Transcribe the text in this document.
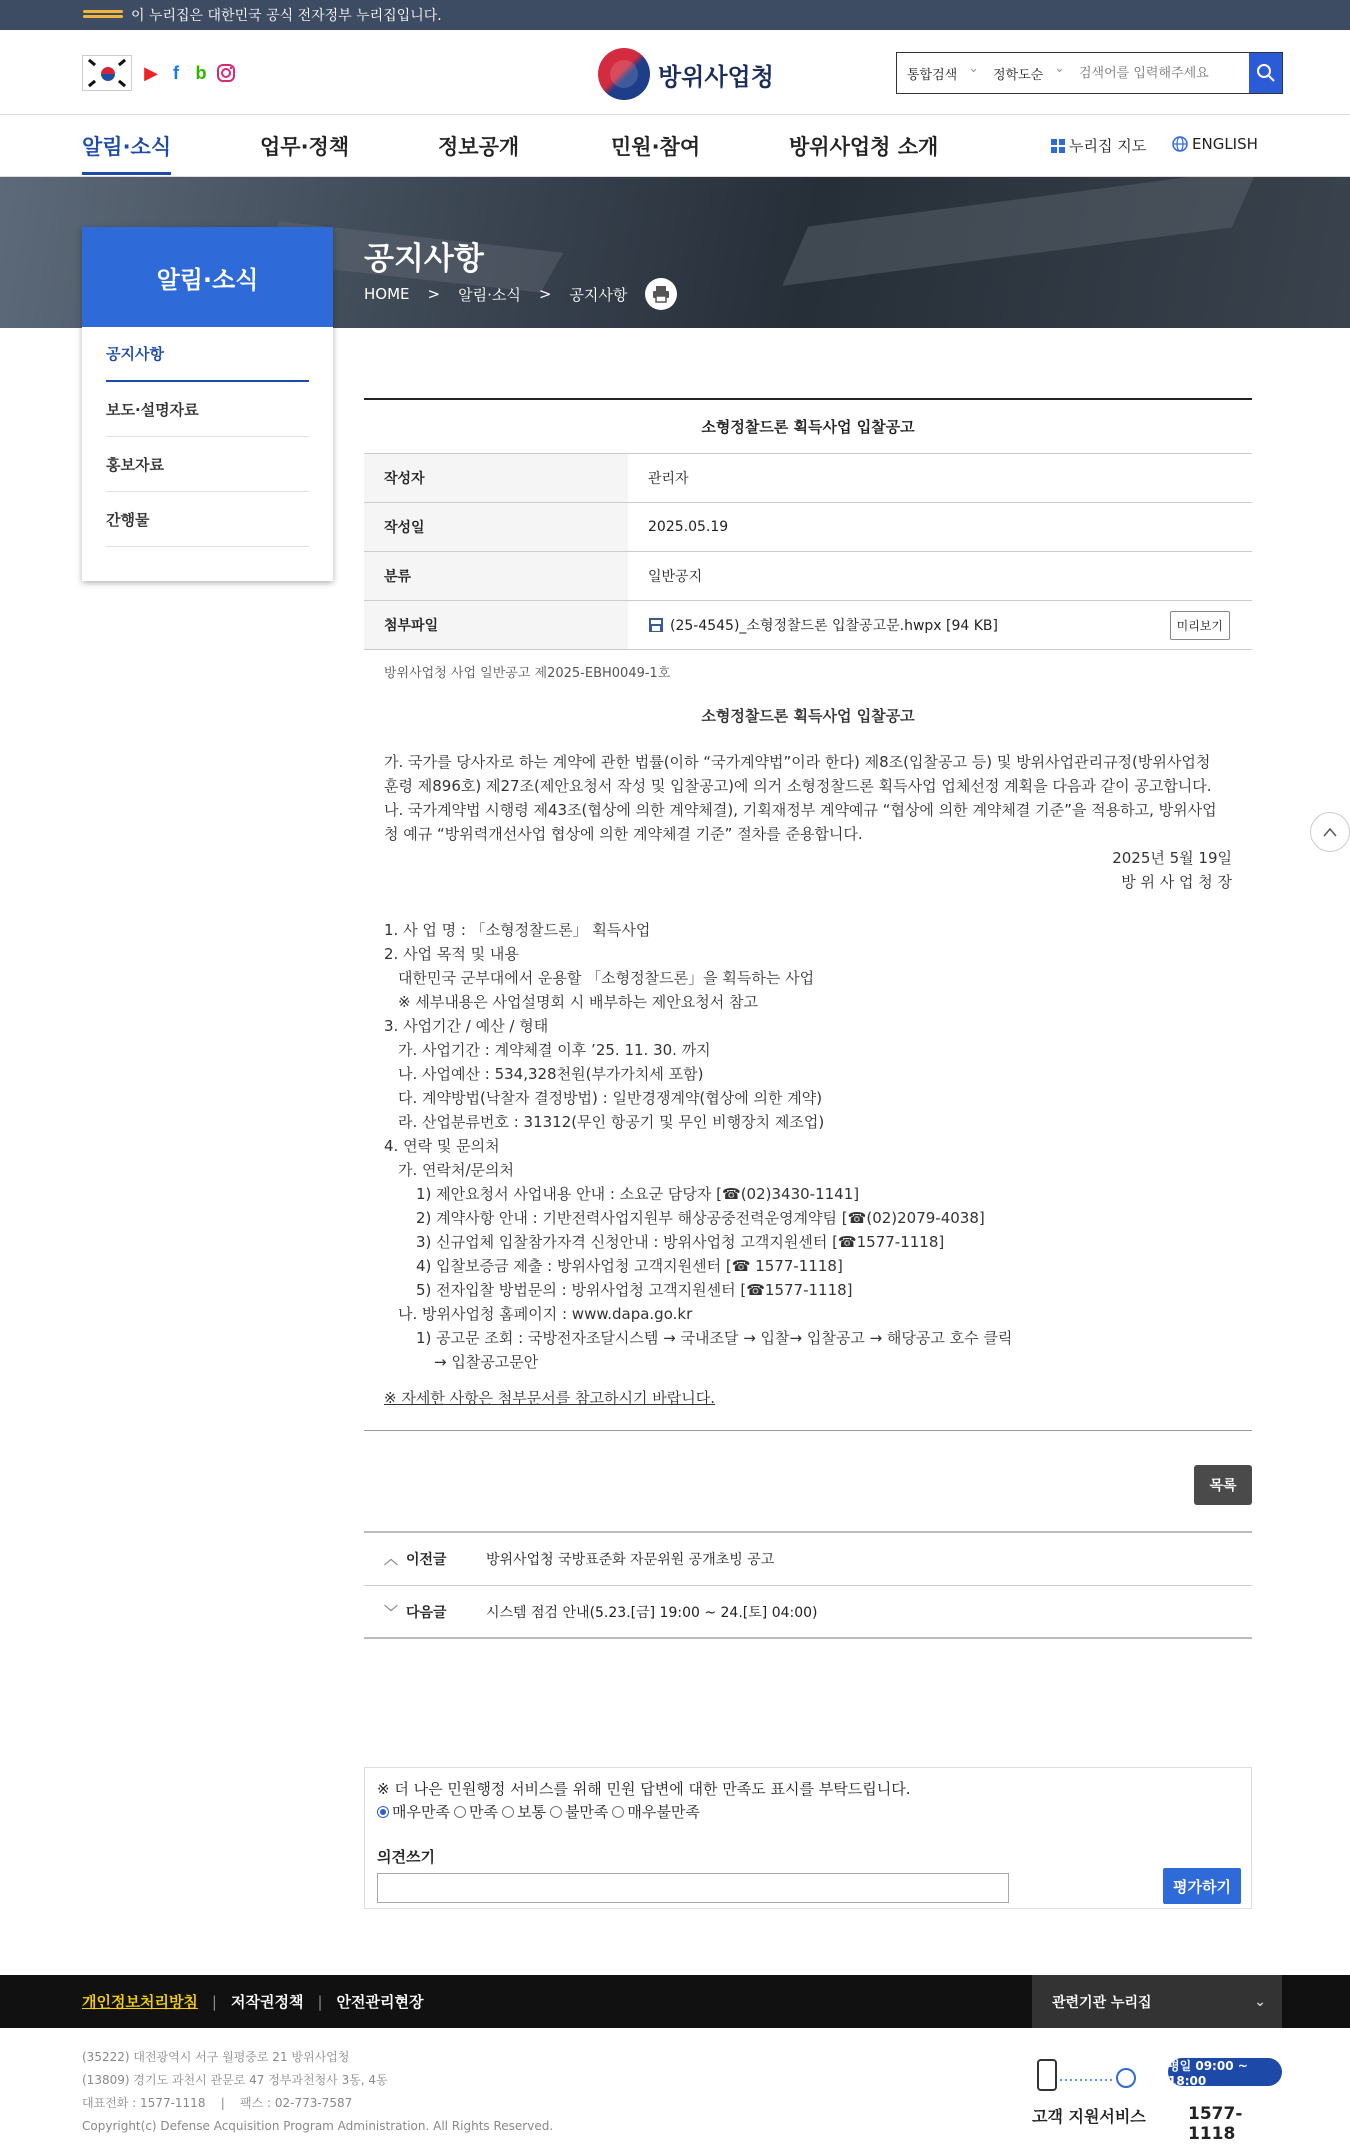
이 누리집은 대한민국 공식 전자정부 누리집입니다.
▶ f b	방위사업청	통합검색 ⌄	정학도순 ⌄
검색어를 입력해주세요
알림·소식	업무·정책	정보공개	민원·참여	방위사업청 소개	누리집 지도	ENGLISH
공지사항
HOME > 알림·소식 > 공지사항
알림·소식
공지사항
보도·설명자료
홍보자료
간행물
소형정찰드론 획득사업 입찰공고
작성자	관리자
작성일	2025.05.19
분류	일반공지
첨부파일	(25-4545)_소형정찰드론 입찰공고문.hwpx [94 KB]	미리보기
방위사업청 사업 일반공고 제2025-EBH0049-1호
소형정찰드론 획득사업 입찰공고

가. 국가를 당사자로 하는 계약에 관한 법률(이하 “국가계약법”이라 한다) 제8조(입찰공고 등) 및 방위사업관리규정(방위사업청

훈령 제896호) 제27조(제안요청서 작성 및 입찰공고)에 의거 소형정찰드론 획득사업 업체선정 계획을 다음과 같이 공고합니다.

나. 국가계약법 시행령 제43조(협상에 의한 계약체결), 기획재정부 계약예규 “협상에 의한 계약체결 기준”을 적용하고, 방위사업

청 예규 “방위력개선사업 협상에 의한 계약체결 기준” 절차를 준용합니다.

2025년 5월 19일

방 위 사 업 청 장

1. 사 업 명 : 「소형정찰드론」 획득사업

2. 사업 목적 및 내용

대한민국 군부대에서 운용할 「소형정찰드론」을 획득하는 사업

※ 세부내용은 사업설명회 시 배부하는 제안요청서 참고

3. 사업기간 / 예산 / 형태

가. 사업기간 : 계약체결 이후 ’25. 11. 30. 까지

나. 사업예산 : 534,328천원(부가가치세 포함)

다. 계약방법(낙찰자 결정방법) : 일반경쟁계약(협상에 의한 계약)

라. 산업분류번호 : 31312(무인 항공기 및 무인 비행장치 제조업)

4. 연락 및 문의처

가. 연락처/문의처

1) 제안요청서 사업내용 안내 : 소요군 담당자 [☎(02)3430-1141]

2) 계약사항 안내 : 기반전력사업지원부 해상공중전력운영계약팀 [☎(02)2079-4038]

3) 신규업체 입찰참가자격 신청안내 : 방위사업청 고객지원센터 [☎1577-1118]

4) 입찰보증금 제출 : 방위사업청 고객지원센터 [☎ 1577-1118]

5) 전자입찰 방법문의 : 방위사업청 고객지원센터 [☎1577-1118]

나. 방위사업청 홈페이지 : www.dapa.go.kr

1) 공고문 조회 : 국방전자조달시스템 → 국내조달 → 입찰→ 입찰공고 → 해당공고 호수 클릭

→ 입찰공고문안

※ 자세한 사항은 첨부문서를 참고하시기 바랍니다.

목록
︿ 이전글	방위사업청 국방표준화 자문위원 공개초빙 공고
﹀ 다음글	시스템 점검 안내(5.23.[금] 19:00 ~ 24.[토] 04:00)
※ 더 나은 민원행정 서비스를 위해 민원 답변에 대한 만족도 표시를 부탁드립니다.
매우만족 만족 보통 불만족 매우불만족
의견쓰기
평가하기
개인정보처리방침 | 저작권정책 | 안전관리현장	관련기관 누리집	⌄
(35222) 대전광역시 서구 월평중로 21 방위사업청
(13809) 경기도 과천시 관문로 47 정부과천청사 3동, 4동
대표전화 : 1577-1118    |    팩스 : 02-773-7587
Copyright(c) Defense Acquisition Program Administration. All Rights Reserved.	고객 지원서비스
평일 09:00 ~ 18:00
1577-1118
